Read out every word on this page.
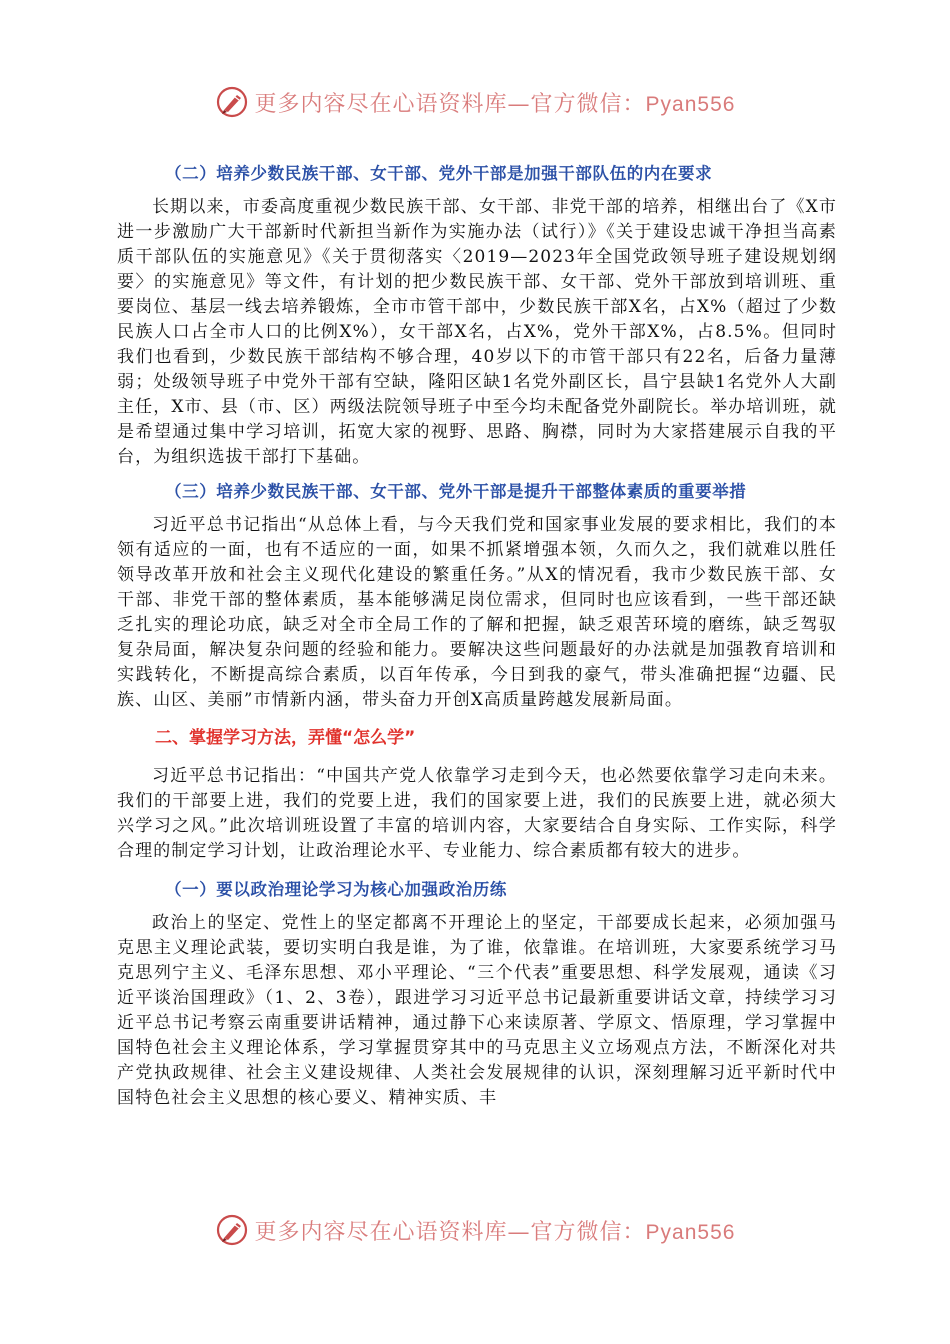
更多内容尽在心语资料库—官方微信：Pyan556
（二）培养少数民族干部、女干部、党外干部是加强干部队伍的内在要求

长期以来，市委高度重视少数民族干部、女干部、非党干部的培养，相继出台了《X市进一步激励广大干部新时代新担当新作为实施办法（试行）》《关于建设忠诚干净担当高素质干部队伍的实施意见》《关于贯彻落实〈2019—2023年全国党政领导班子建设规划纲要〉的实施意见》等文件，有计划的把少数民族干部、女干部、党外干部放到培训班、重要岗位、基层一线去培养锻炼，全市市管干部中，少数民族干部X名，占X%（超过了少数民族人口占全市人口的比例X%），女干部X名，占X%，党外干部X%，占8.5%。但同时我们也看到，少数民族干部结构不够合理，40岁以下的市管干部只有22名，后备力量薄弱；处级领导班子中党外干部有空缺，隆阳区缺1名党外副区长，昌宁县缺1名党外人大副主任，X市、县（市、区）两级法院领导班子中至今均未配备党外副院长。举办培训班，就是希望通过集中学习培训，拓宽大家的视野、思路、胸襟，同时为大家搭建展示自我的平台，为组织选拔干部打下基础。

（三）培养少数民族干部、女干部、党外干部是提升干部整体素质的重要举措

习近平总书记指出“从总体上看，与今天我们党和国家事业发展的要求相比，我们的本领有适应的一面，也有不适应的一面，如果不抓紧增强本领，久而久之，我们就难以胜任领导改革开放和社会主义现代化建设的繁重任务。”从X的情况看，我市少数民族干部、女干部、非党干部的整体素质，基本能够满足岗位需求，但同时也应该看到，一些干部还缺乏扎实的理论功底，缺乏对全市全局工作的了解和把握，缺乏艰苦环境的磨练，缺乏驾驭复杂局面，解决复杂问题的经验和能力。要解决这些问题最好的办法就是加强教育培训和实践转化，不断提高综合素质，以百年传承，今日到我的豪气，带头准确把握“边疆、民族、山区、美丽”市情新内涵，带头奋力开创X高质量跨越发展新局面。

二、掌握学习方法，弄懂“怎么学”

习近平总书记指出：“中国共产党人依靠学习走到今天，也必然要依靠学习走向未来。我们的干部要上进，我们的党要上进，我们的国家要上进，我们的民族要上进，就必须大兴学习之风。”此次培训班设置了丰富的培训内容，大家要结合自身实际、工作实际，科学合理的制定学习计划，让政治理论水平、专业能力、综合素质都有较大的进步。

（一）要以政治理论学习为核心加强政治历练

政治上的坚定、党性上的坚定都离不开理论上的坚定，干部要成长起来，必须加强马克思主义理论武装，要切实明白我是谁，为了谁，依靠谁。在培训班，大家要系统学习马克思列宁主义、毛泽东思想、邓小平理论、“三个代表”重要思想、科学发展观，通读《习近平谈治国理政》（1、2、3卷），跟进学习习近平总书记最新重要讲话文章，持续学习习近平总书记考察云南重要讲话精神，通过静下心来读原著、学原文、悟原理，学习掌握中国特色社会主义理论体系，学习掌握贯穿其中的马克思主义立场观点方法，不断深化对共产党执政规律、社会主义建设规律、人类社会发展规律的认识，深刻理解习近平新时代中国特色社会主义思想的核心要义、精神实质、丰

更多内容尽在心语资料库—官方微信：Pyan556
